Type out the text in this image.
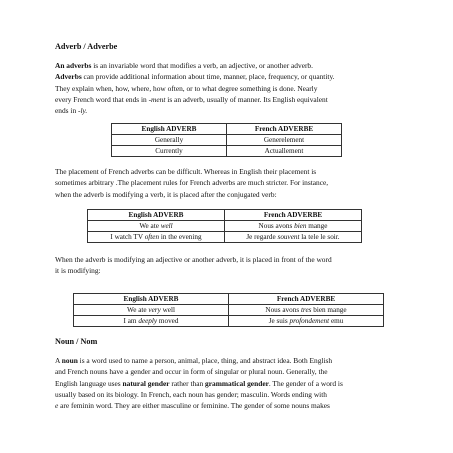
Adverb / Adverbe
An adverbs is an invariable word that modifies a verb, an adjective, or another adverb.
Adverbs can provide additional information about time, manner, place, frequency, or quantity.
They explain when, how, where, how often, or to what degree something is done. Nearly
every French word that ends in -ment is an adverb, usually of manner. Its English equivalent
ends in -ly.
English ADVERB	French ADVERBE
Generally	Generelement
Currently	Actuallement
The placement of French adverbs can be difficult. Whereas in English their placement is
sometimes arbitrary .The placement rules for French adverbs are much stricter. For instance,
when the adverb is modifying a verb, it is placed after the conjugated verb:
English ADVERB	French ADVERBE
We ate well	Nous avons bien mange
I watch TV often in the evening	Je regarde souvent la tele le soir.
When the adverb is modifying an adjective or another adverb, it is placed in front of the word
it is modifying:
English ADVERB	French ADVERBE
We ate very well	Nous avons tres bien mange
I am deeply moved	Je suis profondement emu
Noun / Nom
A noun is a word used to name a person, animal, place, thing, and abstract idea. Both English
and French nouns have a gender and occur in form of singular or plural noun. Generally, the
English language uses natural gender rather than grammatical gender. The gender of a word is
usually based on its biology. In French, each noun has gender; masculin. Words ending with
e are feminin word. They are either masculine or feminine. The gender of some nouns makes
